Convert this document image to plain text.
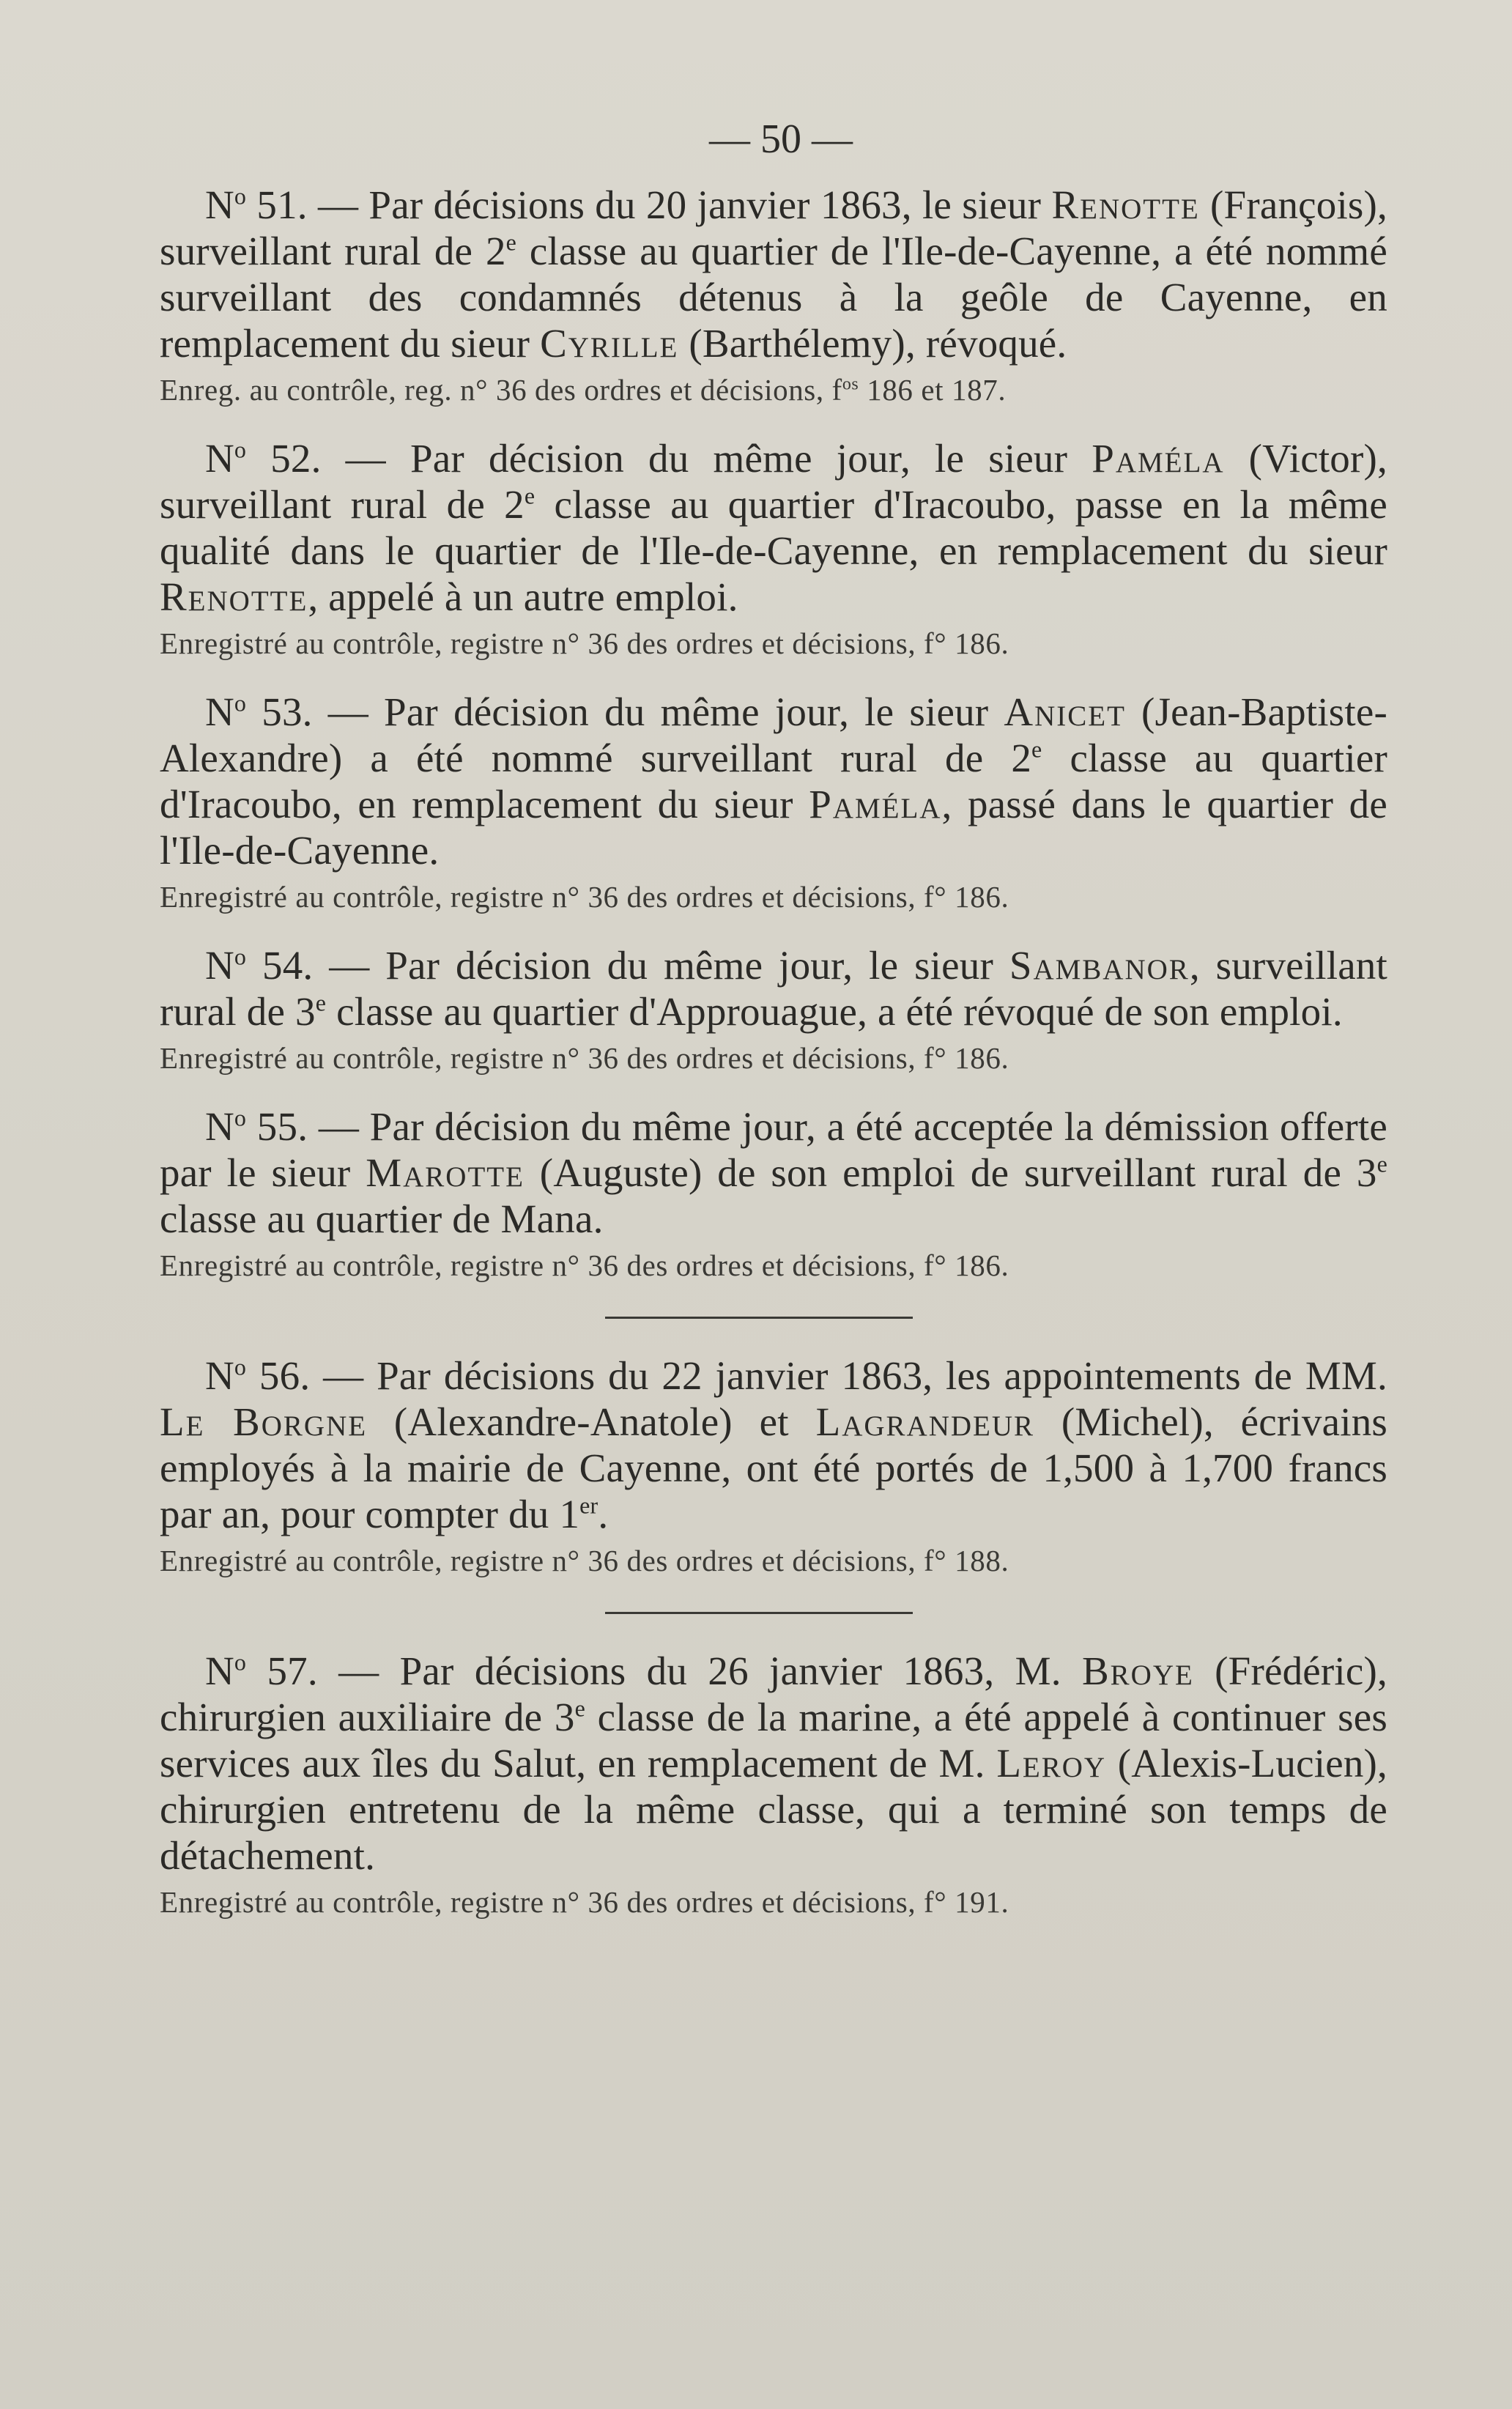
— 50 —

$N^o$ 51. — Par décisions du 20 janvier 1863, le sieur Renotte (François), surveillant rural de 2e classe au quartier de l'Ile-de-Cayenne, a été nommé surveillant des condamnés détenus à la geôle de Cayenne, en remplacement du sieur Cyrille (Barthélemy), révoqué.

Enreg. au contrôle, reg. n° 36 des ordres et décisions, $f^{os}$ 186 et 187.

$N^o$ 52. — Par décision du même jour, le sieur Paméla (Victor), surveillant rural de 2e classe au quartier d'Iracoubo, passe en la même qualité dans le quartier de l'Ile-de-Cayenne, en remplacement du sieur Renotte, appelé à un autre emploi.

Enregistré au contrôle, registre n° 36 des ordres et décisions, f° 186.

$N^o$ 53. — Par décision du même jour, le sieur Anicet (Jean-Baptiste-Alexandre) a été nommé surveillant rural de 2e classe au quartier d'Iracoubo, en remplacement du sieur Paméla, passé dans le quartier de l'Ile-de-Cayenne.

Enregistré au contrôle, registre n° 36 des ordres et décisions, f° 186.

$N^o$ 54. — Par décision du même jour, le sieur Sambanor, surveillant rural de 3e classe au quartier d'Approuague, a été révoqué de son emploi.

Enregistré au contrôle, registre n° 36 des ordres et décisions, f° 186.

$N^o$ 55. — Par décision du même jour, a été acceptée la démission offerte par le sieur Marotte (Auguste) de son emploi de surveillant rural de 3e classe au quartier de Mana.

Enregistré au contrôle, registre n° 36 des ordres et décisions, f° 186.

$N^o$ 56. — Par décisions du 22 janvier 1863, les appointements de MM. Le Borgne (Alexandre-Anatole) et Lagrandeur (Michel), écrivains employés à la mairie de Cayenne, ont été portés de 1,500 à 1,700 francs par an, pour compter du 1er.

Enregistré au contrôle, registre n° 36 des ordres et décisions, f° 188.

$N^o$ 57. — Par décisions du 26 janvier 1863, M. Broye (Frédéric), chirurgien auxiliaire de 3e classe de la marine, a été appelé à continuer ses services aux îles du Salut, en remplacement de M. Leroy (Alexis-Lucien), chirurgien entretenu de la même classe, qui a terminé son temps de détachement.

Enregistré au contrôle, registre n° 36 des ordres et décisions, f° 191.
